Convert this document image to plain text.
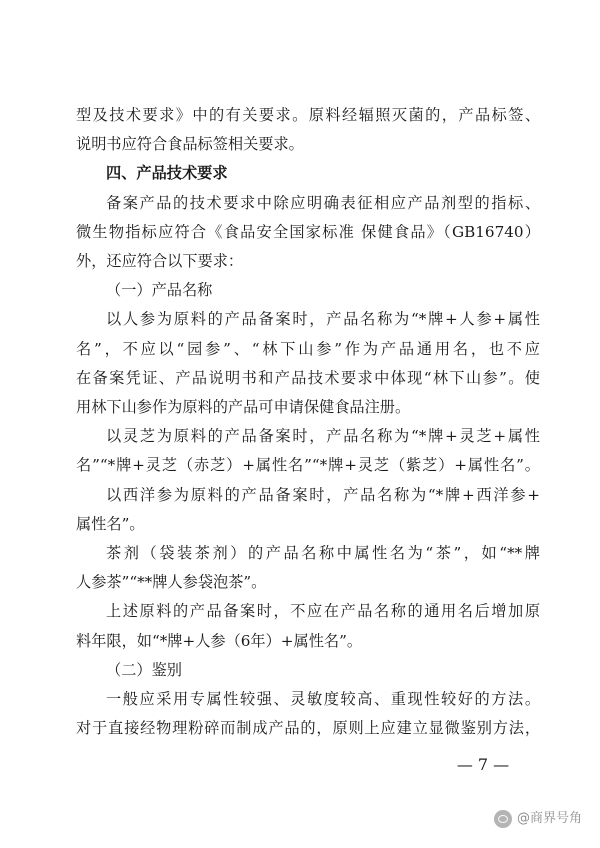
型及技术要求》中的有关要求。原料经辐照灭菌的，产品标签、
说明书应符合食品标签相关要求。
四、产品技术要求
备案产品的技术要求中除应明确表征相应产品剂型的指标、
微生物指标应符合《食品安全国家标准 保健食品》（GB16740）
外，还应符合以下要求：
（一）产品名称
以人参为原料的产品备案时，产品名称为“*牌+人参+属性
名”，不应以“园参”、“林下山参”作为产品通用名，也不应
在备案凭证、产品说明书和产品技术要求中体现“林下山参”。使
用林下山参作为原料的产品可申请保健食品注册。
以灵芝为原料的产品备案时，产品名称为“*牌+灵芝+属性
名”“*牌+灵芝（赤芝）+属性名”“*牌+灵芝（紫芝）+属性名”。
以西洋参为原料的产品备案时，产品名称为“*牌+西洋参+
属性名”。
茶剂（袋装茶剂）的产品名称中属性名为“茶”，如“**牌
人参茶”“**牌人参袋泡茶”。
上述原料的产品备案时，不应在产品名称的通用名后增加原
料年限，如“*牌+人参（6年）+属性名”。
（二）鉴别
一般应采用专属性较强、灵敏度较高、重现性较好的方法。
对于直接经物理粉碎而制成产品的，原则上应建立显微鉴别方法，
— 7 —
@商界号角
